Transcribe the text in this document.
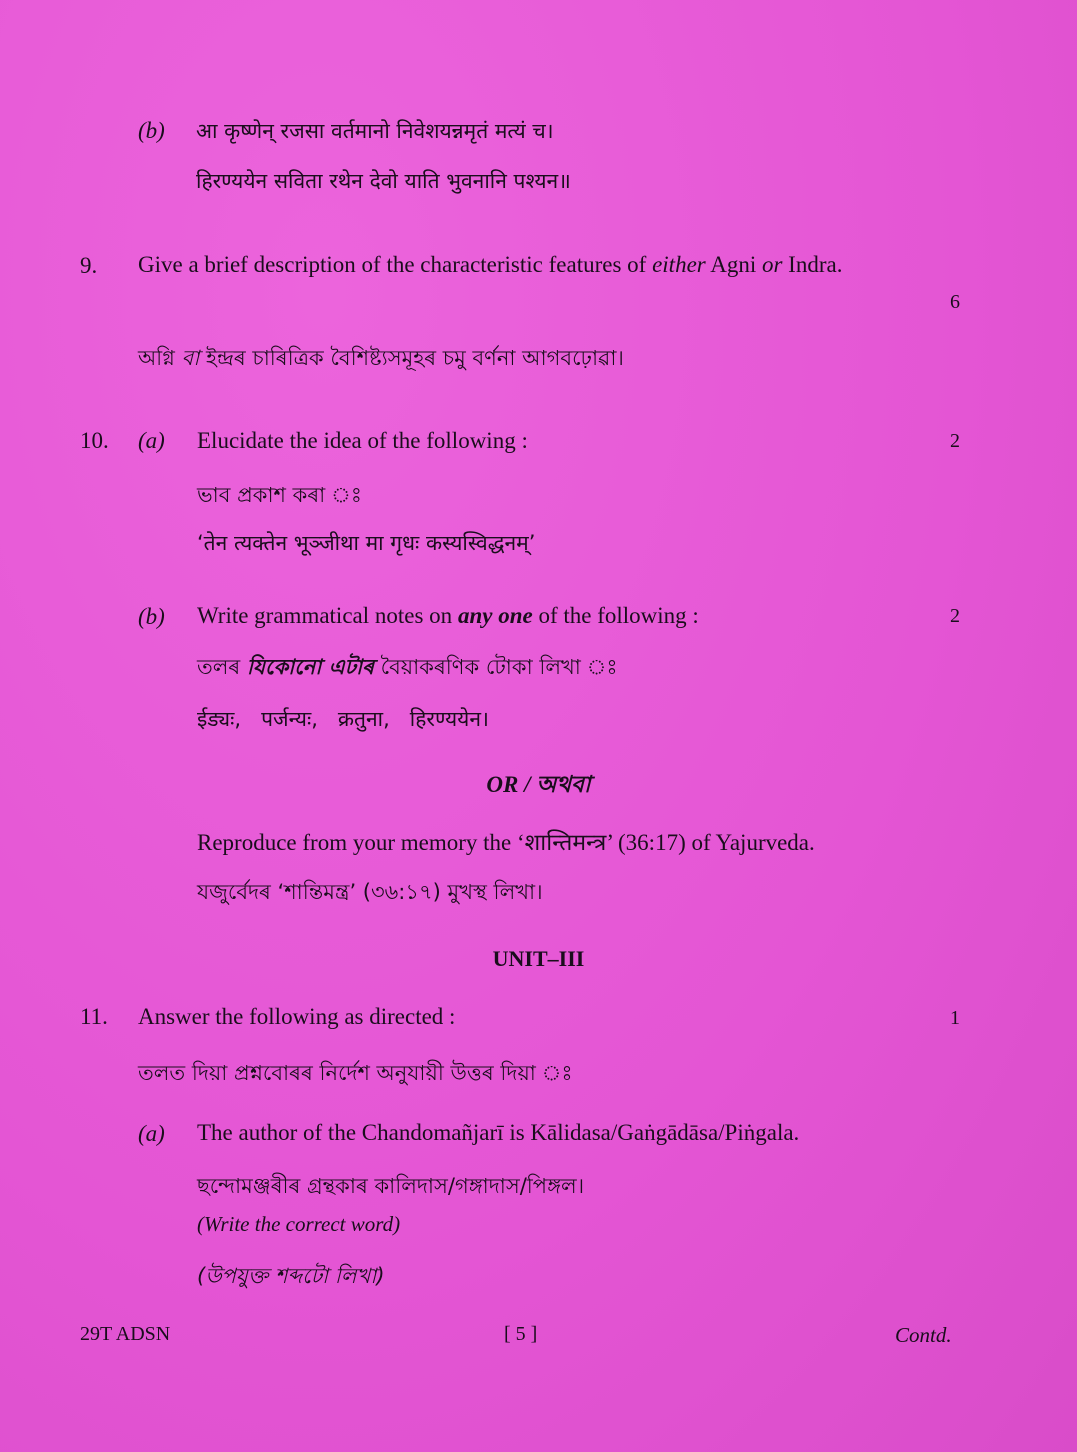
(b) आ कृष्णेन् रजसा वर्तमानो निवेशयन्नमृतं मत्यं च।
हिरण्ययेन सविता रथेन देवो याति भुवनानि पश्यन॥
9. Give a brief description of the characteristic features of either Agni or Indra.
6
অগ্নি বা ইন্দ্ৰৰ চাৰিত্ৰিক বৈশিষ্ট্যসমূহৰ চমু বৰ্ণনা আগবঢ়োৱা।
10. (a) Elucidate the idea of the following :	2
ভাব প্ৰকাশ কৰা ঃ
‘तेन त्यक्तेन भूञ्जीथा मा गृधः कस्यस्विद्धनम्’
(b) Write grammatical notes on any one of the following :	2
তলৰ যিকোনো এটাৰ বৈয়াকৰণিক টোকা লিখা ঃ
ईड्यः,   पर्जन्यः,   क्रतुना,   हिरण्ययेन।
OR / অথবা
Reproduce from your memory the ‘शान्तिमन्त्र’ (36:17) of Yajurveda.
যজুৰ্বেদৰ ‘শান্তিমন্ত্ৰ’ (৩৬:১৭) মুখস্থ লিখা।
UNIT–III
11. Answer the following as directed :	1
তলত দিয়া প্ৰশ্নবোৰৰ নিৰ্দেশ অনুযায়ী উত্তৰ দিয়া ঃ
(a) The author of the Chandomañjarī is Kālidasa/Gaṅgādāsa/Piṅgala.
ছন্দোমঞ্জৰীৰ গ্ৰন্থকাৰ কালিদাস/গঙ্গাদাস/পিঙ্গল।
(Write the correct word)
(উপযুক্ত শব্দটো লিখা)
29T ADSN	[ 5 ]	Contd.
